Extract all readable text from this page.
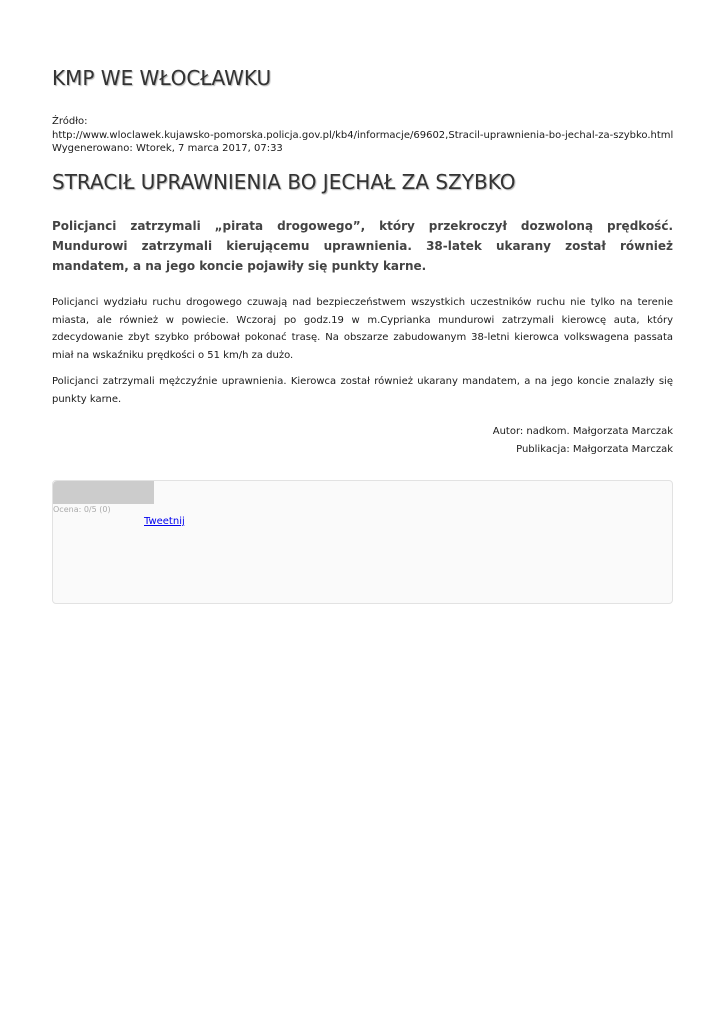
KMP WE WŁOCŁAWKU
Źródło:
http://www.wloclawek.kujawsko-pomorska.policja.gov.pl/kb4/informacje/69602,Stracil-uprawnienia-bo-jechal-za-szybko.html
Wygenerowano: Wtorek, 7 marca 2017, 07:33
STRACIŁ UPRAWNIENIA BO JECHAŁ ZA SZYBKO

Policjanci zatrzymali „pirata drogowego”, który przekroczył dozwoloną prędkość. Mundurowi zatrzymali kierującemu uprawnienia. 38-latek ukarany został również mandatem, a na jego koncie pojawiły się punkty karne.

Policjanci wydziału ruchu drogowego czuwają nad bezpieczeństwem wszystkich uczestników ruchu nie tylko na terenie miasta, ale również w powiecie. Wczoraj po godz.19 w m.Cyprianka mundurowi zatrzymali kierowcę auta, który zdecydowanie zbyt szybko próbował pokonać trasę. Na obszarze zabudowanym 38-letni kierowca volkswagena passata miał na wskaźniku prędkości o 51 km/h za dużo.

Policjanci zatrzymali mężczyźnie uprawnienia. Kierowca został również ukarany mandatem, a na jego koncie znalazły się punkty karne.

Autor: nadkom. Małgorzata Marczak
Publikacja: Małgorzata Marczak
Ocena: 0/5 (0)
Tweetnij
